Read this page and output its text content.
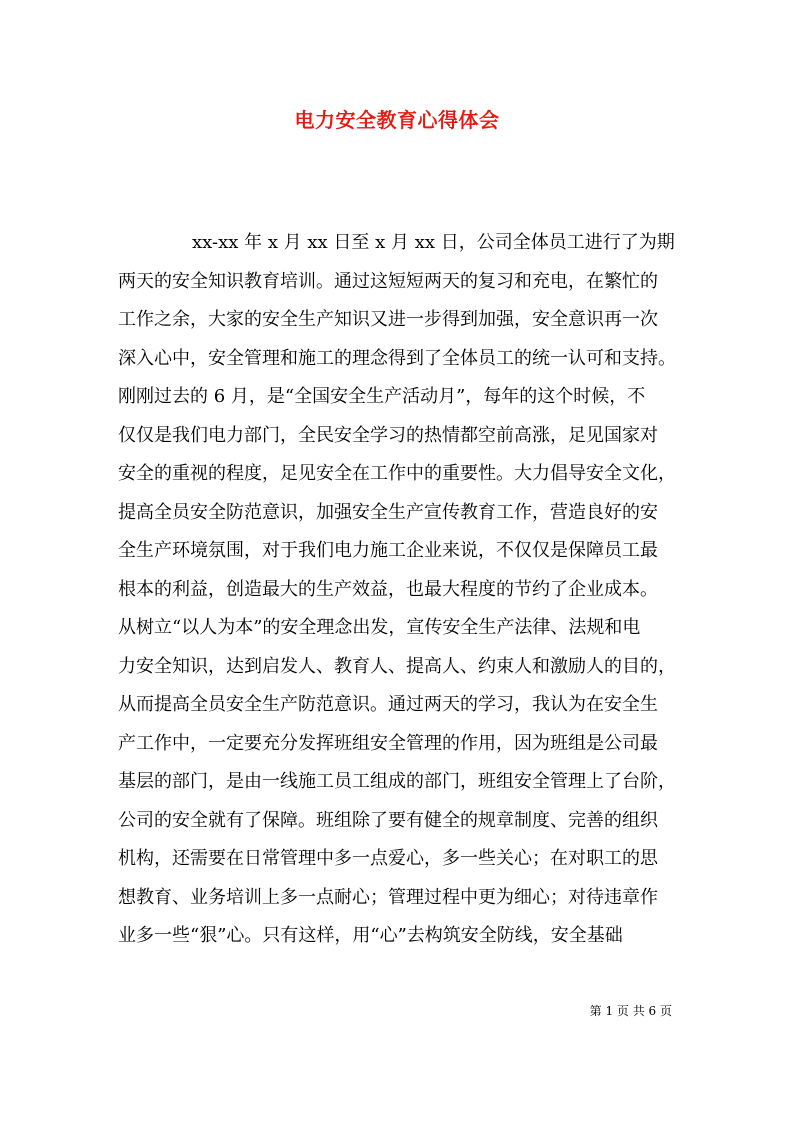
电力安全教育心得体会
xx-xx 年 x 月 xx 日至 x 月 xx 日，公司全体员工进行了为期
两天的安全知识教育培训。通过这短短两天的复习和充电，在繁忙的
工作之余，大家的安全生产知识又进一步得到加强，安全意识再一次
深入心中，安全管理和施工的理念得到了全体员工的统一认可和支持。
刚刚过去的 6 月，是“全国安全生产活动月”，每年的这个时候，不
仅仅是我们电力部门，全民安全学习的热情都空前高涨，足见国家对
安全的重视的程度，足见安全在工作中的重要性。大力倡导安全文化，
提高全员安全防范意识，加强安全生产宣传教育工作，营造良好的安
全生产环境氛围，对于我们电力施工企业来说，不仅仅是保障员工最
根本的利益，创造最大的生产效益，也最大程度的节约了企业成本。
从树立“以人为本”的安全理念出发，宣传安全生产法律、法规和电
力安全知识，达到启发人、教育人、提高人、约束人和激励人的目的，
从而提高全员安全生产防范意识。通过两天的学习，我认为在安全生
产工作中，一定要充分发挥班组安全管理的作用，因为班组是公司最
基层的部门，是由一线施工员工组成的部门，班组安全管理上了台阶，
公司的安全就有了保障。班组除了要有健全的规章制度、完善的组织
机构，还需要在日常管理中多一点爱心，多一些关心；在对职工的思
想教育、业务培训上多一点耐心；管理过程中更为细心；对待违章作
业多一些“狠”心。只有这样，用“心”去构筑安全防线，安全基础
第 1 页 共 6 页
